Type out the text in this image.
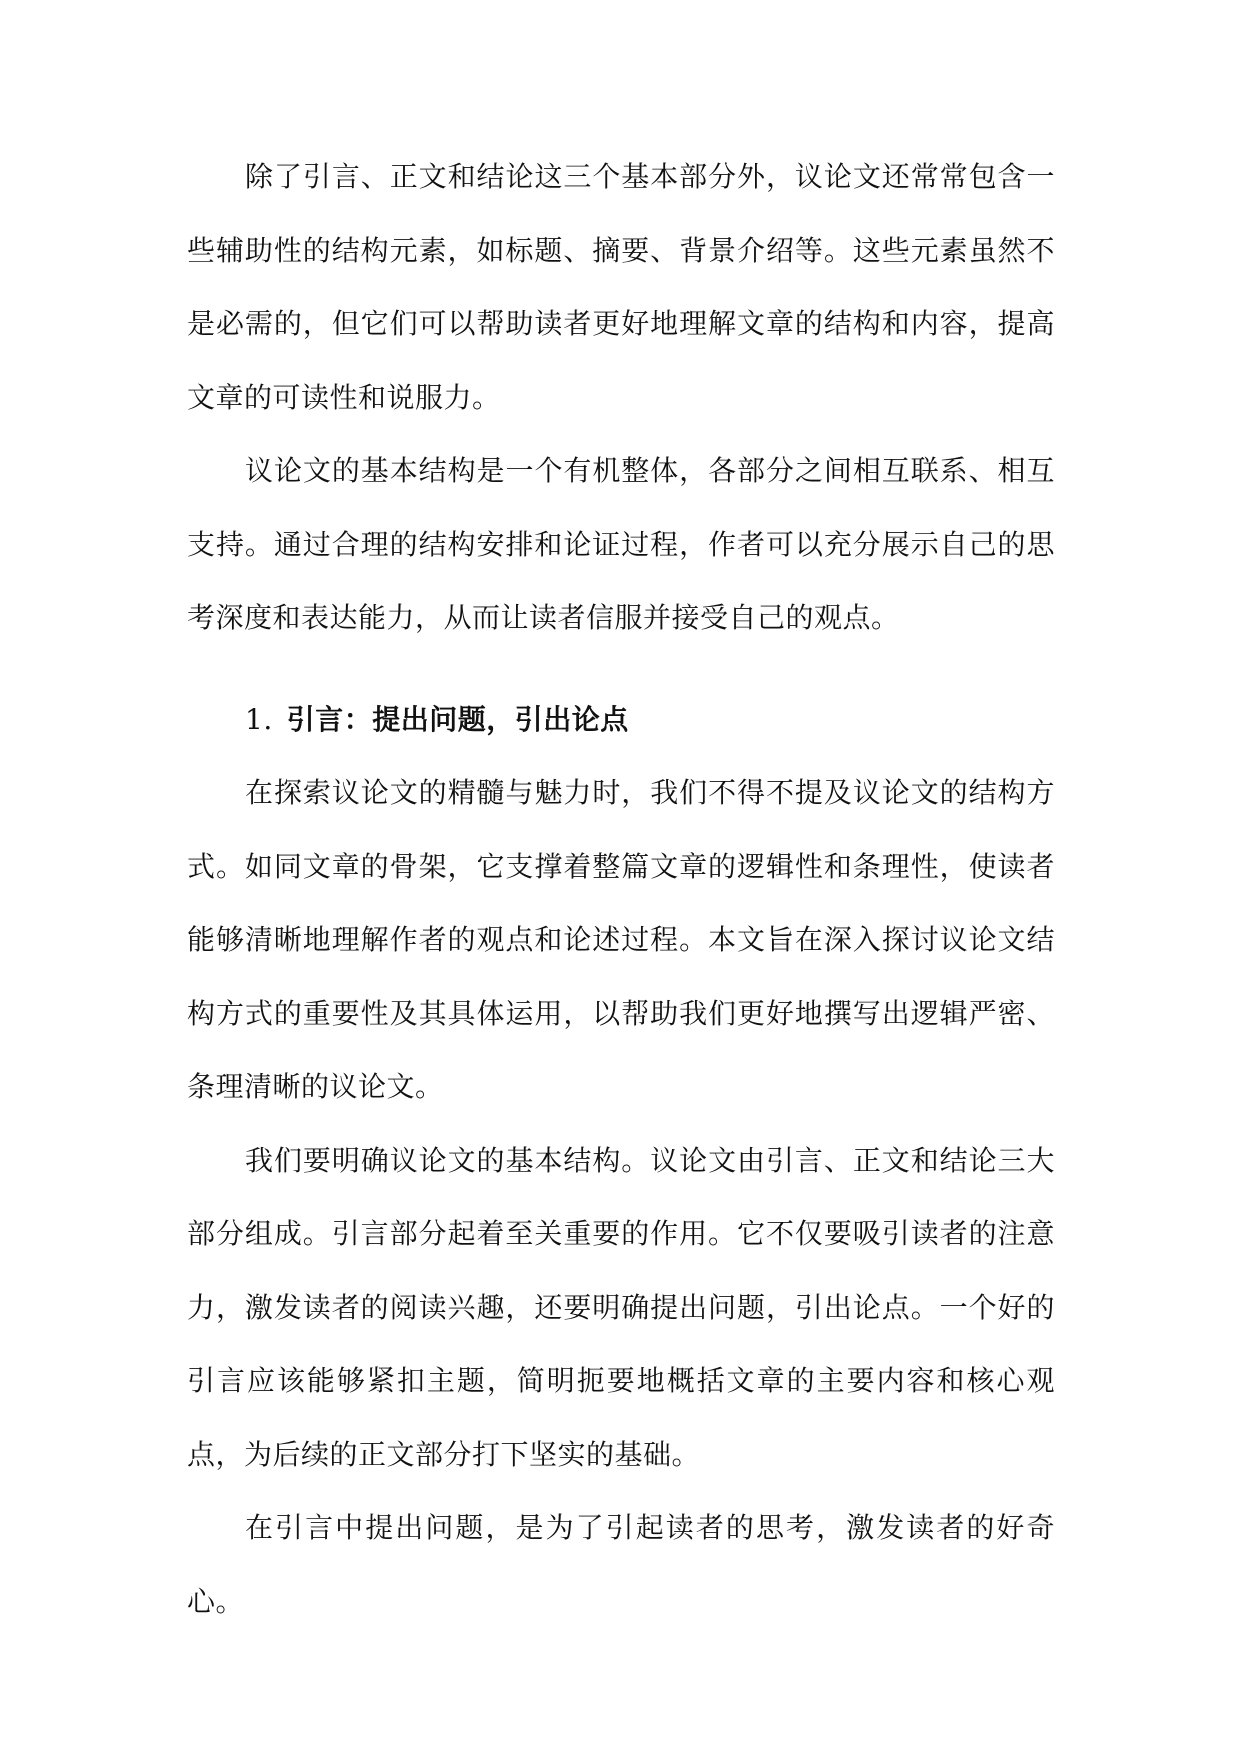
除了引言、正文和结论这三个基本部分外，议论文还常常包含一些辅助性的结构元素，如标题、摘要、背景介绍等。这些元素虽然不是必需的，但它们可以帮助读者更好地理解文章的结构和内容，提高文章的可读性和说服力。

议论文的基本结构是一个有机整体，各部分之间相互联系、相互支持。通过合理的结构安排和论证过程，作者可以充分展示自己的思考深度和表达能力，从而让读者信服并接受自己的观点。

1. 引言：提出问题，引出论点

在探索议论文的精髓与魅力时，我们不得不提及议论文的结构方式。如同文章的骨架，它支撑着整篇文章的逻辑性和条理性，使读者能够清晰地理解作者的观点和论述过程。本文旨在深入探讨议论文结构方式的重要性及其具体运用，以帮助我们更好地撰写出逻辑严密、条理清晰的议论文。

我们要明确议论文的基本结构。议论文由引言、正文和结论三大部分组成。引言部分起着至关重要的作用。它不仅要吸引读者的注意力，激发读者的阅读兴趣，还要明确提出问题，引出论点。一个好的引言应该能够紧扣主题，简明扼要地概括文章的主要内容和核心观点，为后续的正文部分打下坚实的基础。

在引言中提出问题，是为了引起读者的思考，激发读者的好奇心。
